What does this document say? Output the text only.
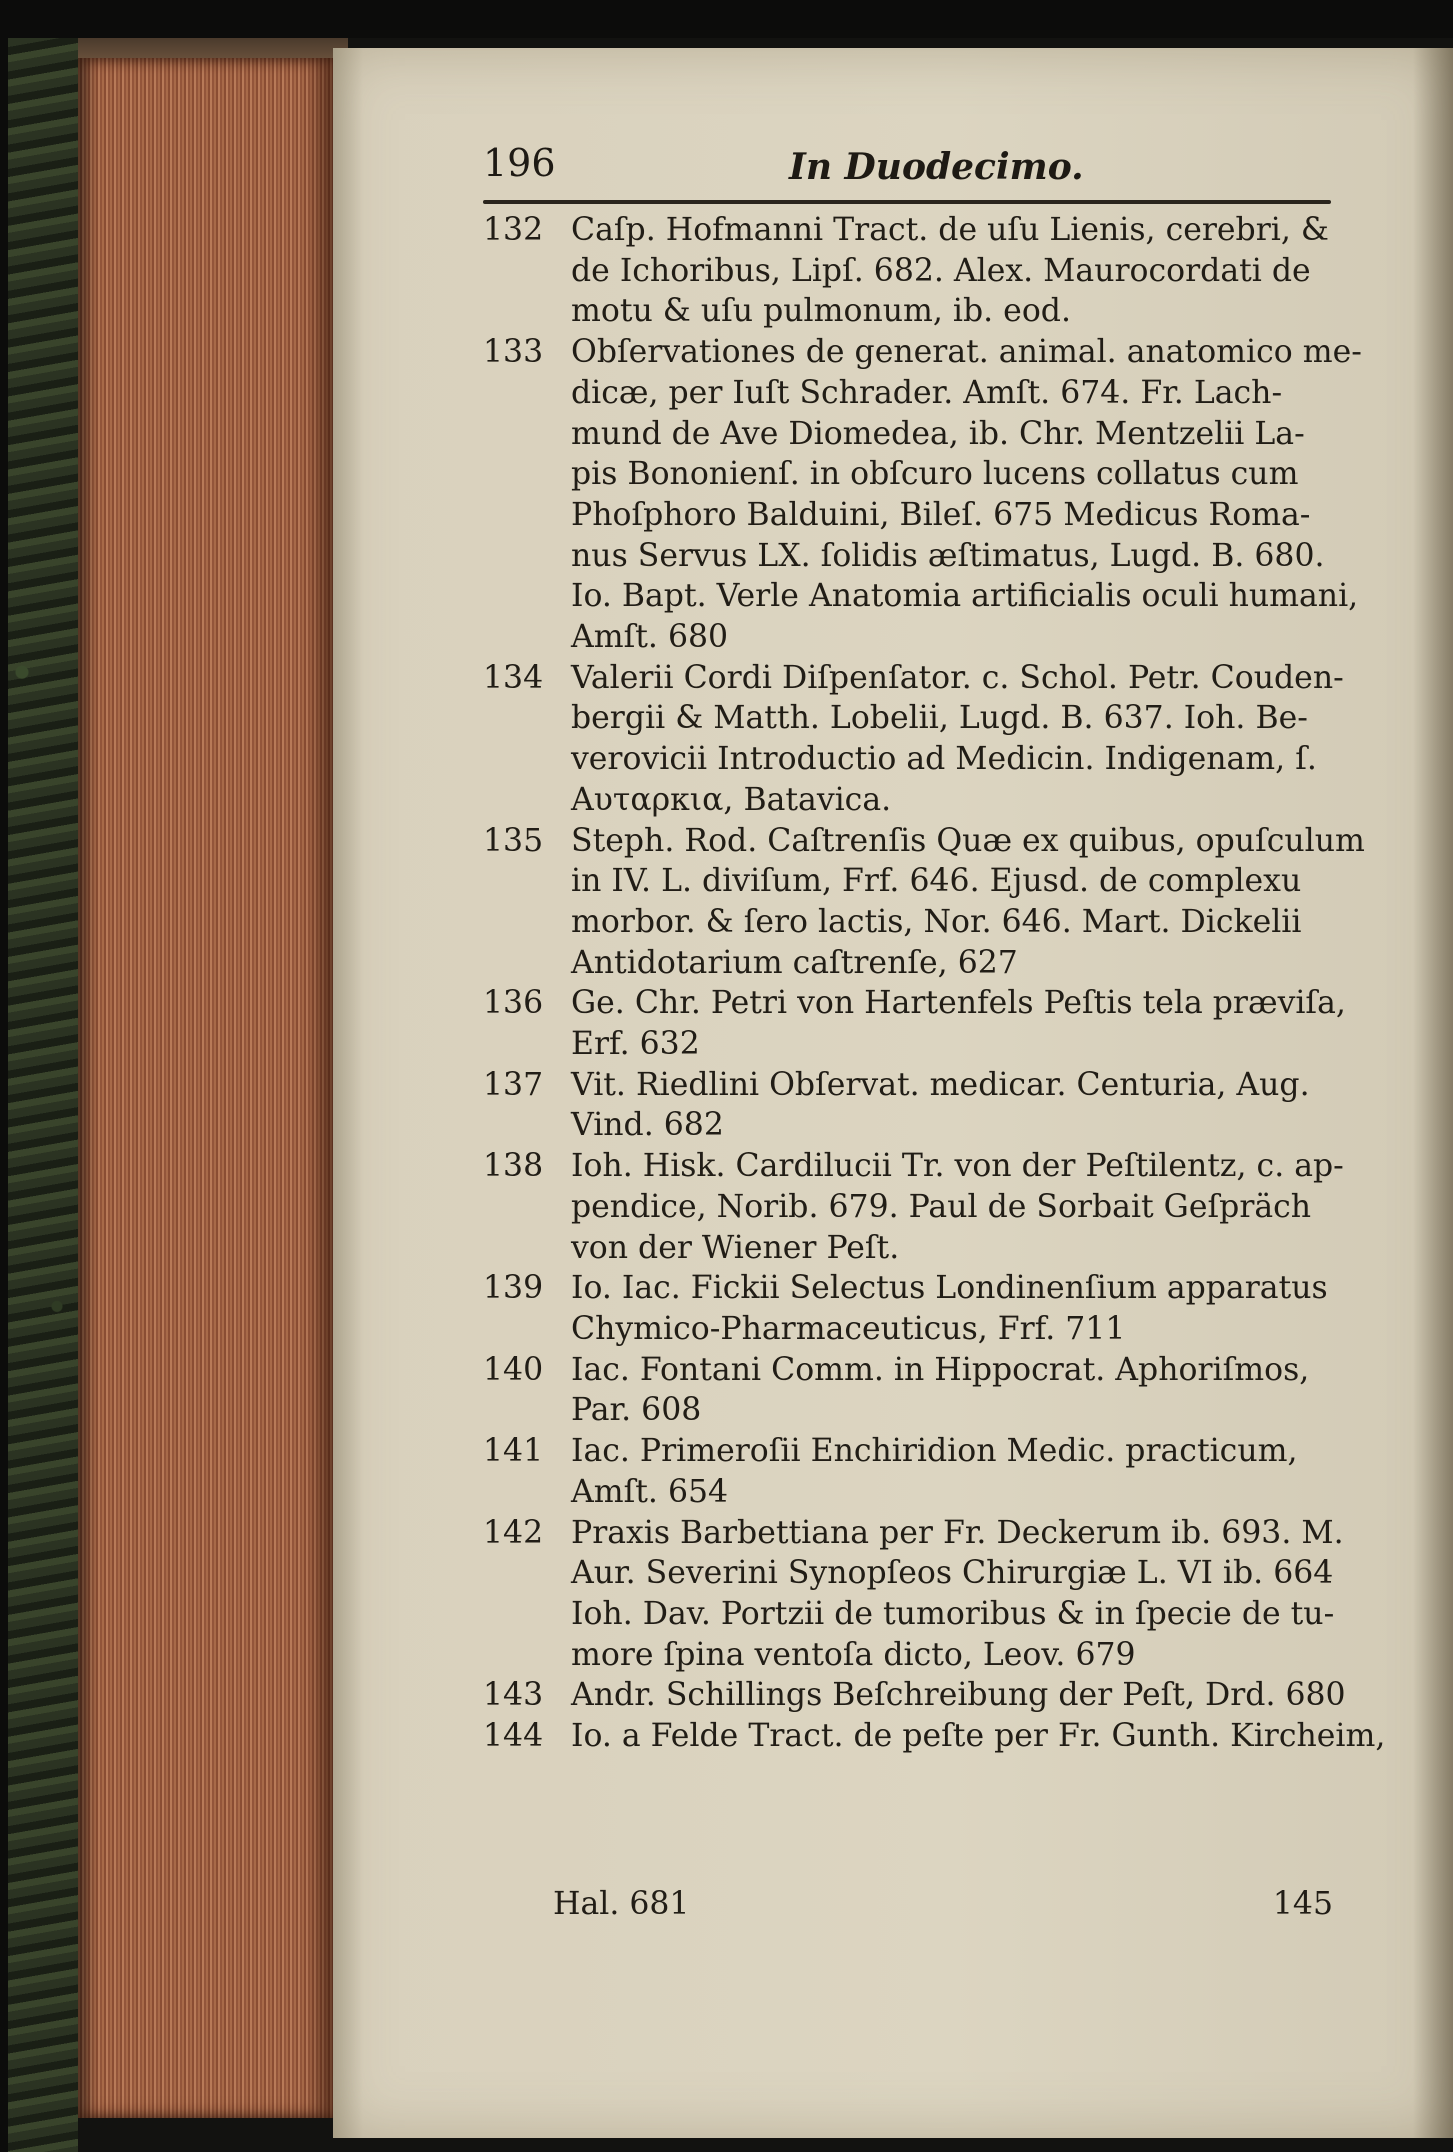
196	In Duodecimo.
132 Caſp. Hofmanni Tract. de uſu Lienis, cerebri, &
de Ichoribus, Lipſ. 682. Alex. Maurocordati de
motu & uſu pulmonum, ib. eod.
133 Obſervationes de generat. animal. anatomico me-
dicæ, per Iuſt Schrader. Amſt. 674. Fr. Lach-
mund de Ave Diomedea, ib. Chr. Mentzelii La-
pis Bononienſ. in obſcuro lucens collatus cum
Phoſphoro Balduini, Bileſ. 675 Medicus Roma-
nus Servus LX. ſolidis æſtimatus, Lugd. B. 680.
Io. Bapt. Verle Anatomia artificialis oculi humani,
Amſt. 680
134 Valerii Cordi Diſpenſator. c. Schol. Petr. Couden-
bergii & Matth. Lobelii, Lugd. B. 637. Ioh. Be-
verovicii Introductio ad Medicin. Indigenam, ſ.
Αυταρκια, Batavica.
135 Steph. Rod. Caſtrenſis Quæ ex quibus, opuſculum
in IV. L. diviſum, Frf. 646. Ejusd. de complexu
morbor. & ſero lactis, Nor. 646. Mart. Dickelii
Antidotarium caſtrenſe, 627
136 Ge. Chr. Petri von Hartenfels Peſtis tela præviſa,
Erf. 632
137 Vit. Riedlini Obſervat. medicar. Centuria, Aug.
Vind. 682
138 Ioh. Hisk. Cardilucii Tr. von der Peſtilentz, c. ap-
pendice, Norib. 679. Paul de Sorbait Geſpräch
von der Wiener Peſt.
139 Io. Iac. Fickii Selectus Londinenſium apparatus
Chymico-Pharmaceuticus, Frf. 711
140 Iac. Fontani Comm. in Hippocrat. Aphoriſmos,
Par. 608
141 Iac. Primeroſii Enchiridion Medic. practicum,
Amſt. 654
142 Praxis Barbettiana per Fr. Deckerum ib. 693. M.
Aur. Severini Synopſeos Chirurgiæ L. VI ib. 664
Ioh. Dav. Portzii de tumoribus & in ſpecie de tu-
more ſpina ventoſa dicto, Leov. 679
143 Andr. Schillings Beſchreibung der Peſt, Drd. 680
144 Io. a Felde Tract. de peſte per Fr. Gunth. Kircheim,
Hal. 681	145
